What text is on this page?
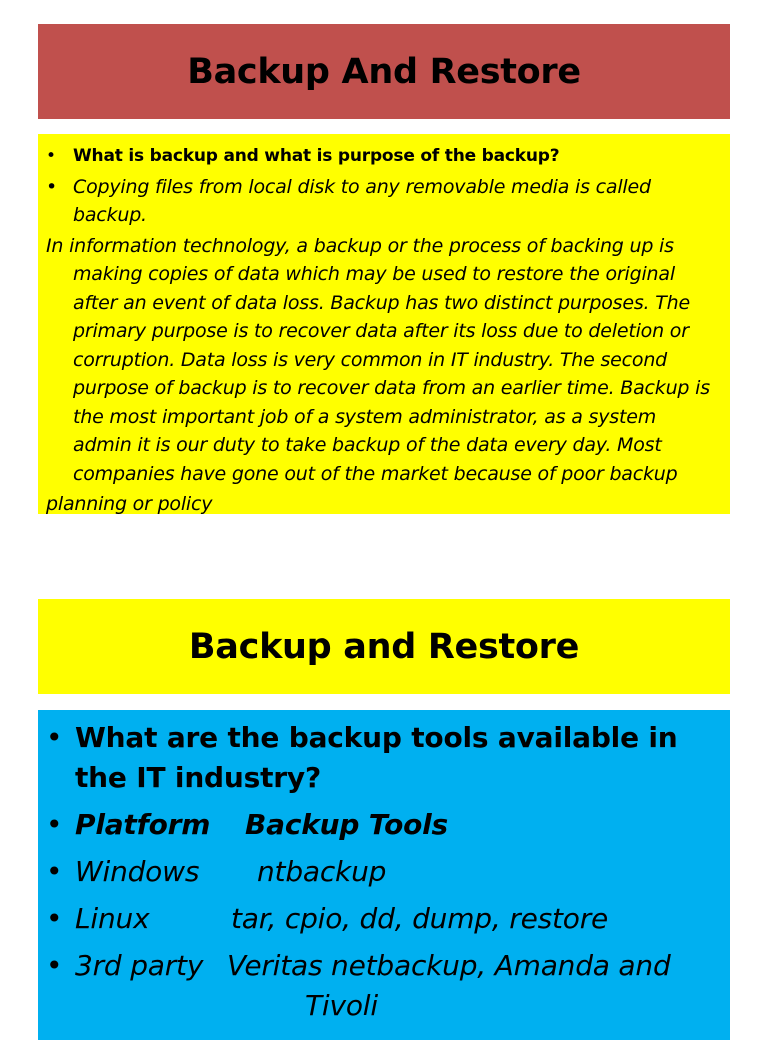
Backup And Restore
• What is backup and what is purpose of the backup?
• Copying files from local disk to any removable media is called backup.
In information technology, a backup or the process of backing up is making copies of data which may be used to restore the original after an event of data loss. Backup has two distinct purposes. The primary purpose is to recover data after its loss due to deletion or corruption. Data loss is very common in IT industry. The second purpose of backup is to recover data from an earlier time. Backup is the most important job of a system administrator, as a system admin it is our duty to take backup of the data every day. Most companies have gone out of the market because of poor backup
planning or policy
Backup and Restore
• What are the backup tools available in the IT industry?
• Platform Backup Tools
• Windows ntbackup
• Linux	tar, cpio, dd, dump, restore
• 3rd party Veritas netbackup, Amanda and
Tivoli
